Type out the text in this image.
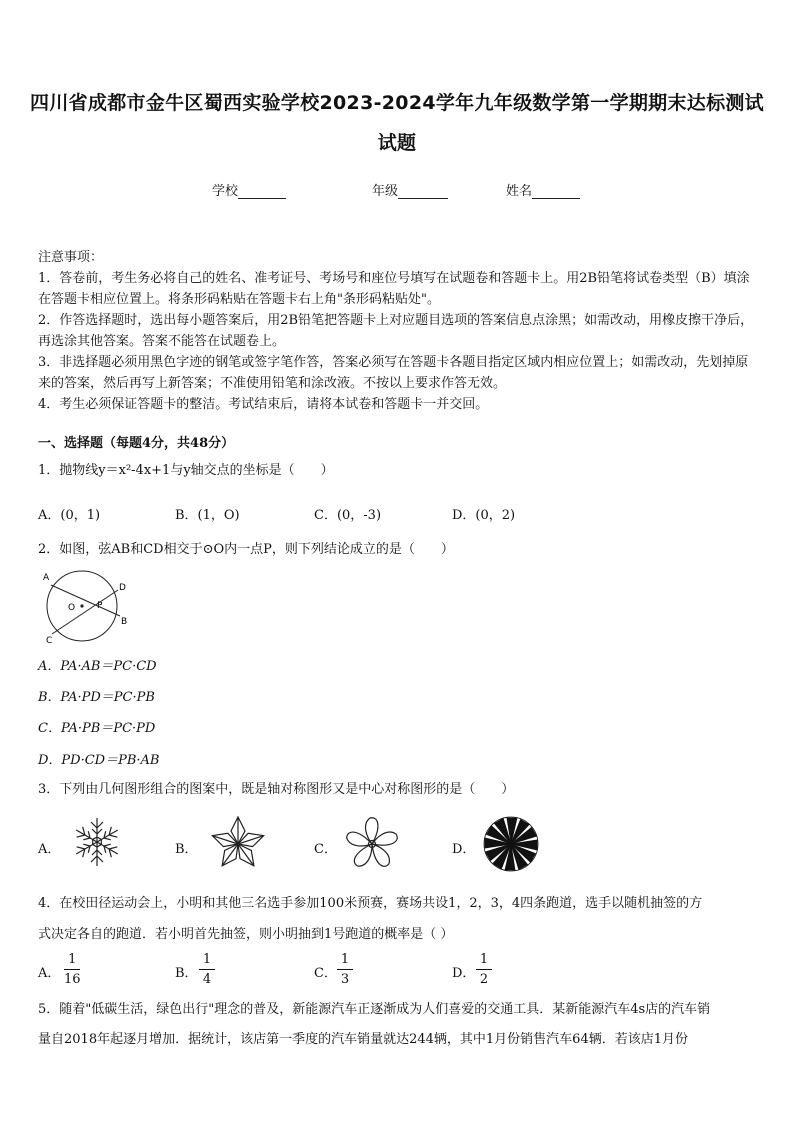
四川省成都市金牛区蜀西实验学校2023-2024学年九年级数学第一学期期末达标测试
试题
学校	年级	姓名

注意事项：

1．答卷前，考生务必将自己的姓名、准考证号、考场号和座位号填写在试题卷和答题卡上。用2B铅笔将试卷类型（B）填涂在答题卡相应位置上。将条形码粘贴在答题卡右上角"条形码粘贴处"。

2．作答选择题时，选出每小题答案后，用2B铅笔把答题卡上对应题目选项的答案信息点涂黑；如需改动，用橡皮擦干净后，再选涂其他答案。答案不能答在试题卷上。

3．非选择题必须用黑色字迹的钢笔或签字笔作答，答案必须写在答题卡各题目指定区域内相应位置上；如需改动，先划掉原来的答案，然后再写上新答案；不准使用铅笔和涂改液。不按以上要求作答无效。

4．考生必须保证答题卡的整洁。考试结束后，请将本试卷和答题卡一并交回。

一、选择题（每题4分，共48分）
1．抛物线y＝x²-4x+1与y轴交点的坐标是（　　）
A．(0，1)	B．(1，O)	C．(0，-3)	D．(0，2)
2．如图，弦AB和CD相交于⊙O内一点P，则下列结论成立的是（　　）
A
B
C
D
O P
A．PA·AB＝PC·CD
B．PA·PD＝PC·PB
C．PA·PB＝PC·PD
D．PD·CD＝PB·AB
3．下列由几何图形组合的图案中，既是轴对称图形又是中心对称图形的是（　　）
A．	B．	C．	D．
4．在校田径运动会上，小明和其他三名选手参加100米预赛，赛场共设1，2，3，4四条跑道，选手以随机抽签的方
式决定各自的跑道．若小明首先抽签，则小明抽到1号跑道的概率是（ ）
A．
1
16	B．
1
4	C．
1
3	D．
1
2
5．随着"低碳生活，绿色出行"理念的普及，新能源汽车正逐渐成为人们喜爱的交通工具．某新能源汽车4s店的汽车销
量自2018年起逐月增加．据统计，该店第一季度的汽车销量就达244辆，其中1月份销售汽车64辆．若该店1月份
